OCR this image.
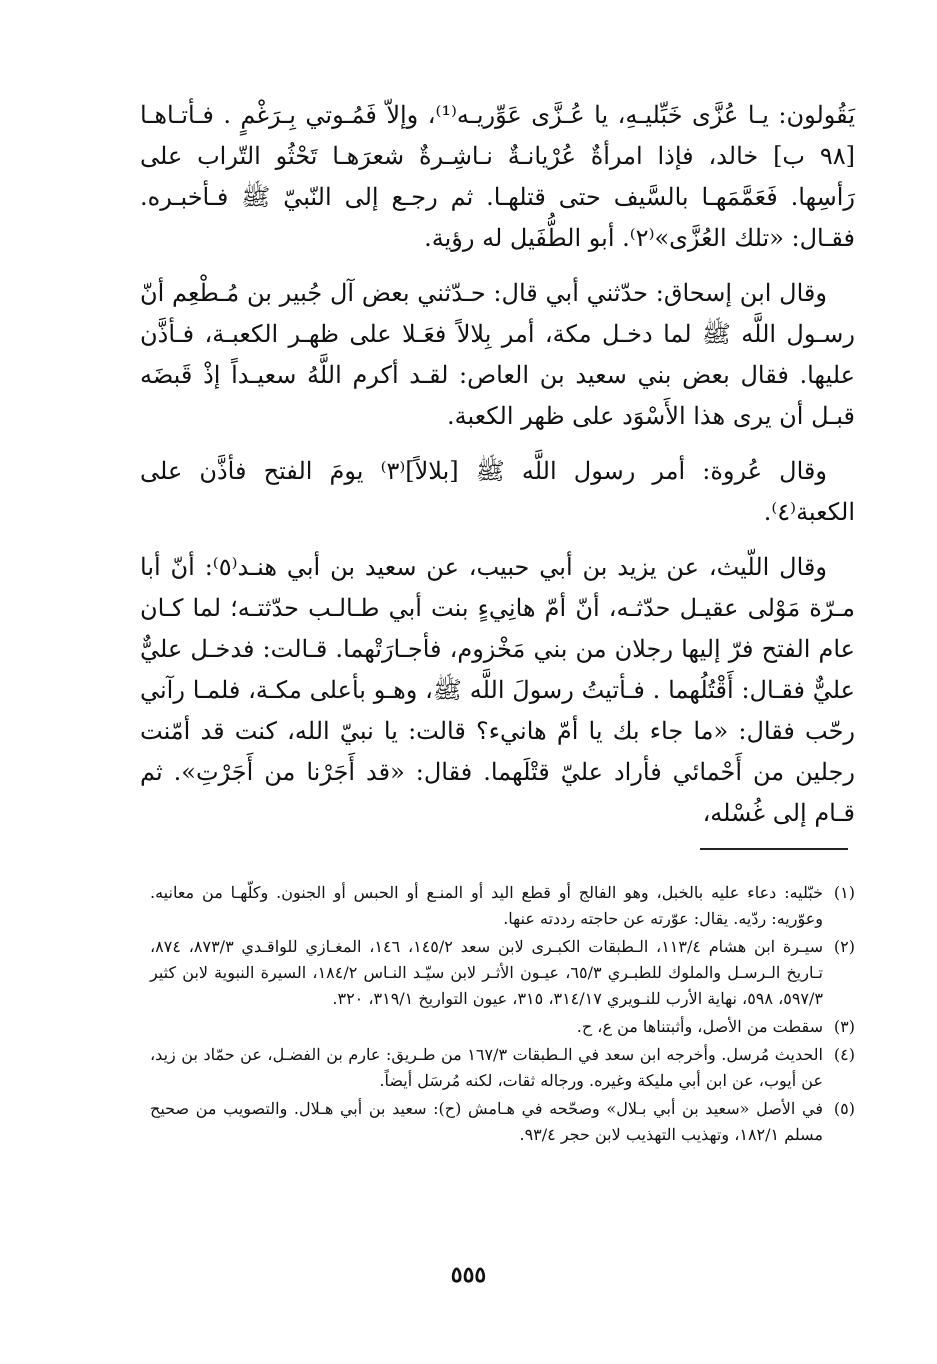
يَقُولون: يـا عُزَّى خَبِّليـهِ، يا عُـزَّى عَوِّريـه⁽¹⁾، وإلاّ فَمُـوتي بِـرَغْمٍ . فـأتـاهـا [٩٨ ب] خالد، فإذا امرأةٌ عُرْيانـةٌ نـاشِـرةٌ شعرَهـا تَحْثُو التّراب على رَأسِها. فَعَمَّمَهـا بالسَّيف حتى قتلهـا. ثم رجـع إلى النّبيّ ﷺ فـأخبـره. فقـال: «تلك العُزَّى»⁽٢⁾. أبو الطُّفَيل له رؤية.

وقال ابن إسحاق: حدّثني أبي قال: حـدّثني بعض آل جُبير بن مُـطْعِم أنّ رسـول اللَّه ﷺ لما دخـل مكة، أمر بِلالاً فعَـلا على ظهـر الكعبـة، فـأذَّن عليها. فقال بعض بني سعيد بن العاص: لقـد أكرم اللَّهُ سعيـداً إذْ قَبضَه قبـل أن يرى هذا الأَسْوَد على ظهر الكعبة.

وقال عُروة: أمر رسول اللَّه ﷺ [بلالاً]⁽٣⁾ يومَ الفتح فأذَّن على الكعبة⁽٤⁾.

وقال اللّيث، عن يزيد بن أبي حبيب، عن سعيد بن أبي هنـد⁽٥⁾: أنّ أبا مـرّة مَوْلى عقيـل حدّثـه، أنّ أمّ هانِيءٍ بنت أبي طـالـب حدّثتـه؛ لما كـان عام الفتح فرّ إليها رجلان من بني مَخْزوم، فأجـارَتْهما. قـالت: فدخـل عليٌّ عليٌّ فقـال: أَقْتُلُهما . فـأتيتُ رسولَ اللَّه ﷺ، وهـو بأعلى مكـة، فلمـا رآني رحّب فقال: «ما جاء بك يا أمّ هانيء؟ قالت: يا نبيّ الله، كنت قد أمّنت رجلين من أَحْمائي فأراد عليّ قتْلَهما. فقال: «قد أَجَرْنا من أَجَرْتِ». ثم قـام إلى غُسْله،

(١)
خبّليه: دعاء عليه بالخبل، وهو الفالج أو قطع اليد أو المنـع أو الحبس أو الجنون. وكلّهـا من معانيه. وعوّريه: ردّيه. يقال: عوّرته عن حاجته رددته عنها.
(٢)
سيـرة ابن هشام ١١٣/٤، الـطبقات الكبـرى لابن سعد ١٤٥/٢، ١٤٦، المغـازي للواقـدي ٨٧٣/٣، ٨٧٤، تـاريخ الـرسـل والملوك للطبـري ٦٥/٣، عيـون الأثـر لابن سيّـد النـاس ١٨٤/٢، السيرة النبوية لابن كثير ٥٩٧/٣، ٥٩٨، نهاية الأرب للنـويري ٣١٤/١٧، ٣١٥، عيون التواريخ ٣١٩/١، ٣٢٠.
(٣)
سقطت من الأصل، وأثبتناها من ع، ح.
(٤)
الحديث مُرسل. وأخرجه ابن سعد في الـطبقات ١٦٧/٣ من طـريق: عارم بن الفضـل، عن حمّاد بن زيد، عن أيوب، عن ابن أبي مليكة وغيره. ورجاله ثقات، لكنه مُرسَل أيضاً.
(٥)
في الأصل «سعيد بن أبي بـلال» وصحّحه في هـامش (ح): سعيد بن أبي هـلال. والتصويب من صحيح مسلم ١٨٢/١، وتهذيب التهذيب لابن حجر ٩٣/٤.
٥٥٥
